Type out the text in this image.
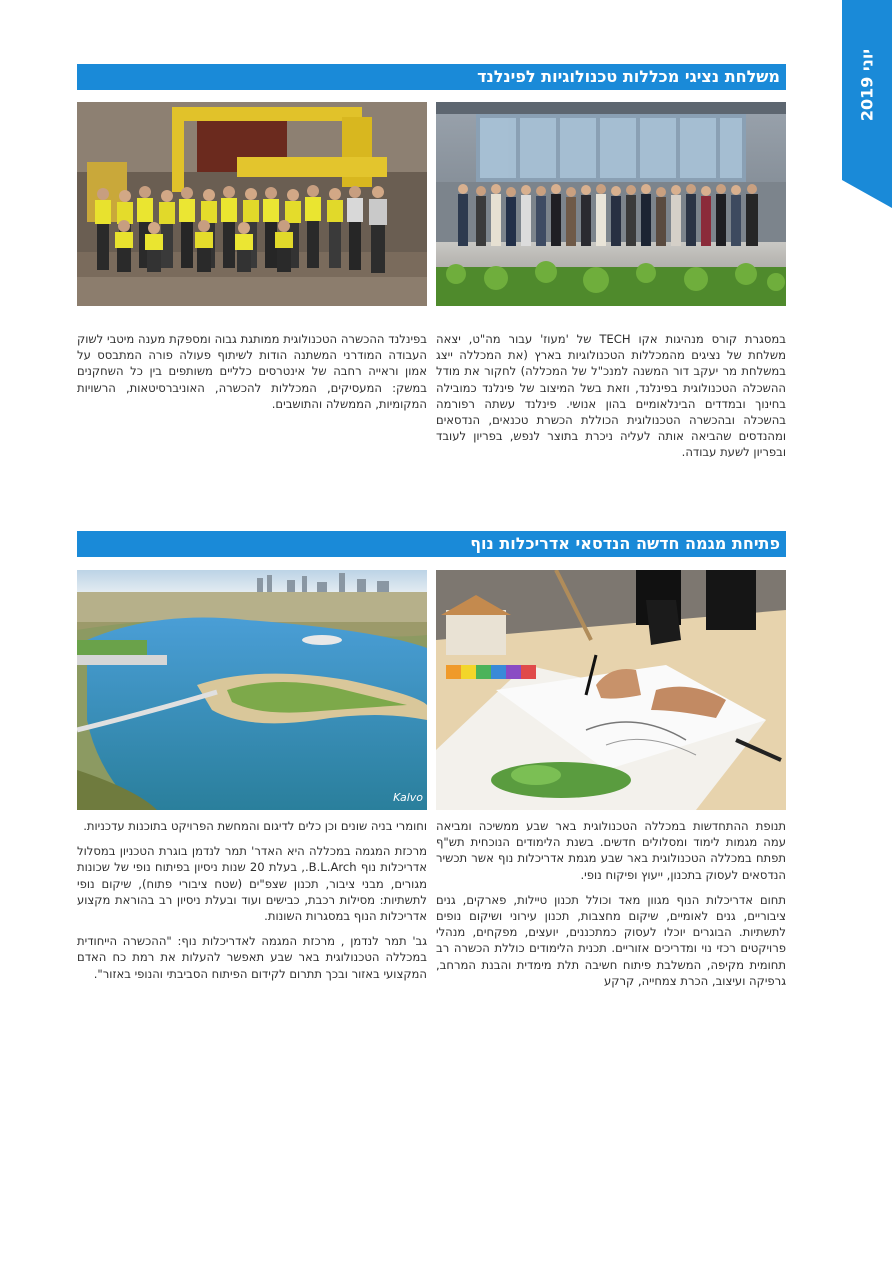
יוני 2019
משלחת נציגי מכללות טכנולוגיות לפינלנד
במסגרת קורס מנהיגות אקו TECH של 'מעוז' עבור מה"ט, יצאה משלחת של נציגים מהמכללות הטכנולוגיות בארץ (את המכללה ייצג במשלחת מר יעקב דור המשנה למנכ"ל של המכללה) לחקור את מודל ההשכלה הטכנולוגית בפינלנד, וזאת בשל המיצוב של פינלנד כמובילה בחינוך ובמדדים הבינלאומיים בהון אנושי. פינלנד עשתה רפורמה בהשכלה ובהכשרה הטכנולוגית הכוללת הכשרת טכנאים, הנדסאים ומהנדסים שהביאה אותה לעליה ניכרת בתוצר לנפש, בפריון לעובד ובפריון לשעת עבודה.
בפינלנד ההכשרה הטכנולוגית ממותגת גבוה ומספקת מענה מיטבי לשוק העבודה המודרני המשתנה הודות לשיתוף פעולה פורה המתבסס על אמון וראייה רחבה של אינטרסים כלליים משותפים בין כל השחקנים במשק: המעסיקים, המכללות להכשרה, האוניברסיטאות, הרשויות המקומיות, הממשלה והתושבים.
פתיחת מגמה חדשה הנדסאי אדריכלות נוף
Kalvo

תנופת ההתחדשות במכללה הטכנולוגית באר שבע ממשיכה ומביאה עמה מגמות לימוד ומסלולים חדשים. בשנת הלימודים הנוכחית תש"ף תפתח במכללה הטכנולוגית באר שבע מגמת אדריכלות נוף אשר תכשיר הנדסאים לעסוק בתכנון, ייעוץ ופיקוח נופי.

תחום אדריכלות הנוף מגוון מאד וכולל תכנון טיילות, פארקים, גנים ציבוריים, גנים לאומיים, שיקום מחצבות, תכנון עירוני ושיקום נופים לתשתיות. הבוגרים יוכלו לעסוק כמתכננים, יועצים, מפקחים, מנהלי פרויקטים רכזי נוי ומדריכים אזוריים. תכנית הלימודים כוללת הכשרה רב תחומית מקיפה, המשלבת פיתוח חשיבה תלת מימדית והבנת המרחב, גרפיקה ועיצוב, הכרת צמחייה, קרקע

וחומרי בניה שונים וכן כלים לדיגום והמחשת הפרויקט בתוכנות עדכניות.

מרכזת המגמה במכללה היא האדר' תמר לנדמן בוגרת הטכניון במסלול אדריכלות נוף B.L.Arch., בעלת 20 שנות ניסיון בפיתוח נופי של שכונות מגורים, מבני ציבור, תכנון שצפ"ים (שטח ציבורי פתוח), שיקום נופי לתשתיות: מסילות רכבת, כבישים ועוד ובעלת ניסיון רב בהוראת מקצוע אדריכלות הנוף במסגרות השונות.

גב' תמר לנדמן , מרכזת המגמה לאדריכלות נוף: "ההכשרה הייחודית במכללה הטכנולוגית באר שבע תאפשר להעלות את רמת כח האדם המקצועי באזור ובכך תתרום לקידום הפיתוח הסביבתי והנופי באזור".
